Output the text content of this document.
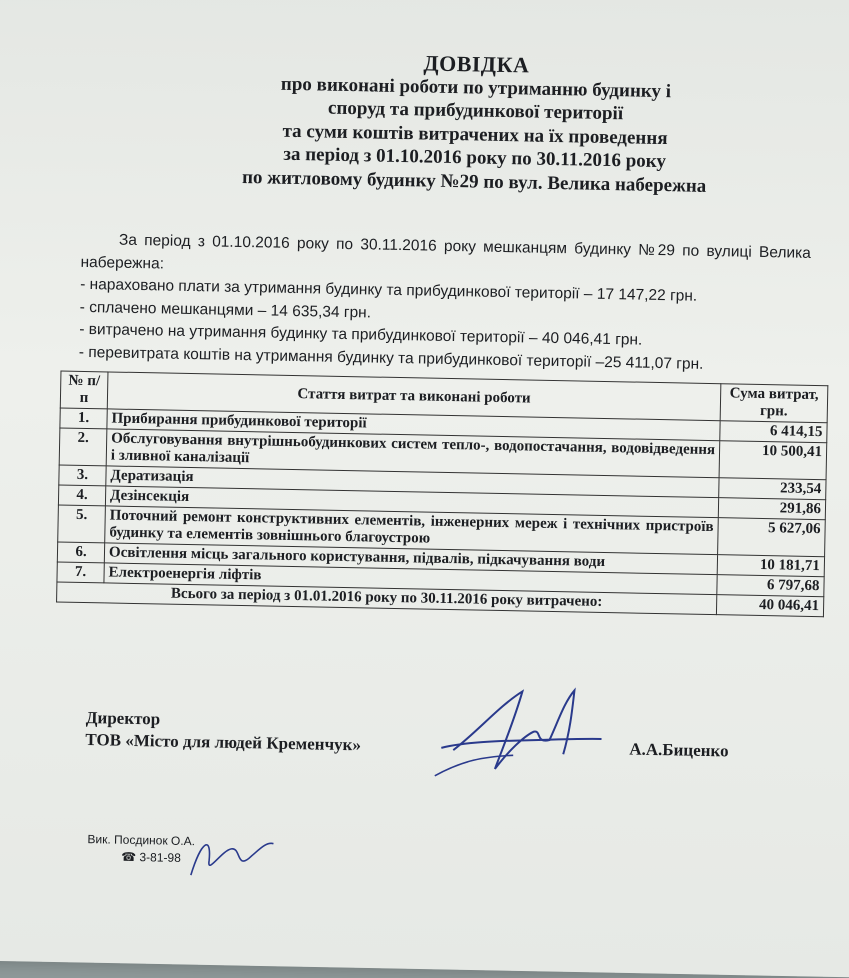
ДОВІДКА
про виконані роботи по утриманню будинку і
споруд та прибудинкової території
та суми коштів витрачених на їх проведення
за період з 01.10.2016 року по 30.11.2016 року
по житловому будинку №29 по вул. Велика набережна

За період з 01.10.2016 року по 30.11.2016 року мешканцям будинку №29 по вулиці Велика набережна:

- нараховано плати за утримання будинку та прибудинкової території – 17 147,22 грн.

- сплачено мешканцями – 14 635,34 грн.

- витрачено на утримання будинку та прибудинкової території – 40 046,41 грн.

- перевитрата коштів на утримання будинку та прибудинкової території –25 411,07 грн.

№ п/п	Стаття витрат та виконані роботи	Сума витрат, грн.
1.	Прибирання прибудинкової території	6 414,15
2.	Обслуговування внутрішньобудинкових систем тепло-, водопостачання, водовідведення і зливної каналізації	10 500,41
3.	Дератизація	233,54
4.	Дезінсекція	291,86
5.	Поточний ремонт конструктивних елементів, інженерних мереж і технічних пристроїв будинку та елементів зовнішнього благоустрою	5 627,06
6.	Освітлення місць загального користування, підвалів, підкачування води	10 181,71
7.	Електроенергія ліфтів	6 797,68
Всього за період з 01.01.2016 року по 30.11.2016 року витрачено:		40 046,41
Директор
ТОВ «Місто для людей Кременчук»	А.А.Биценко
Вик. Посдинок О.А.
☎ 3-81-98
